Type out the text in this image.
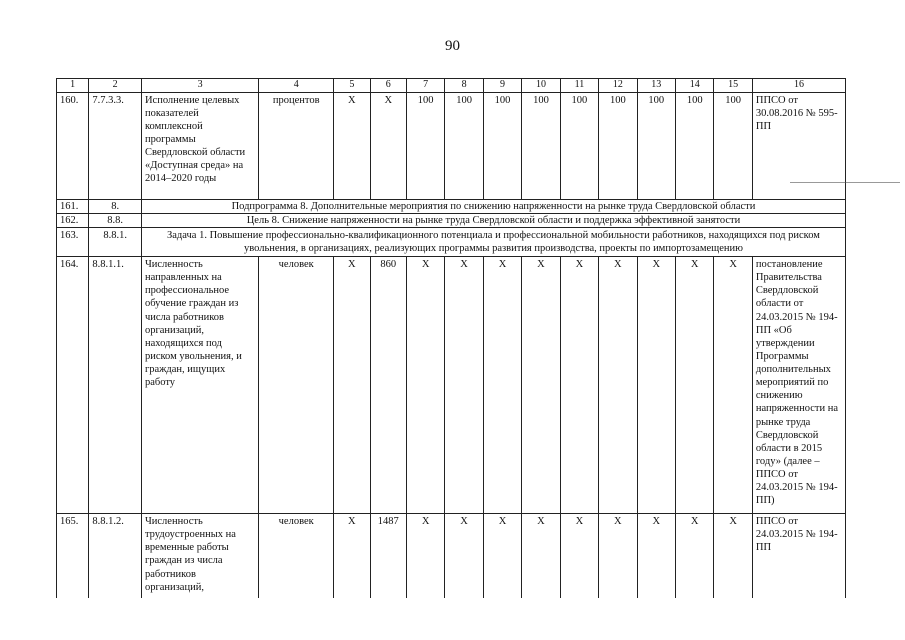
90
1	2	3	4	5	6	7	8	9	10	11	12	13	14	15	16
160.	7.7.3.3.	Исполнение целевых показателей комплексной программы Свердловской области «Доступная среда» на 2014–2020 годы	процентов	Х	Х	100	100	100	100	100	100	100	100	100	ППСО от 30.08.2016 № 595-ПП
161.	8.	Подпрограмма 8. Дополнительные мероприятия по снижению напряженности на рынке труда Свердловской области													
162.	8.8.	Цель 8. Снижение напряженности на рынке труда Свердловской области и поддержка эффективной занятости													
163.	8.8.1.	Задача 1. Повышение профессионально-квалификационного потенциала и профессиональной мобильности работников, находящихся под риском увольнения, в организациях, реализующих программы развития производства, проекты по импортозамещению													
164.	8.8.1.1.	Численность направленных на профессиональное обучение граждан из числа работников организаций, находящихся под риском увольнения, и граждан, ищущих работу	человек	Х	860	Х	Х	Х	Х	Х	Х	Х	Х	Х	постановление Правительства Свердловской области от 24.03.2015 № 194-ПП «Об утверждении Программы дополнительных мероприятий по снижению напряженности на рынке труда Свердловской области в 2015 году» (далее – ППСО от 24.03.2015 № 194-ПП)
165.	8.8.1.2.	Численность трудоустроенных на временные работы граждан из числа работников организаций,	человек	Х	1487	Х	Х	Х	Х	Х	Х	Х	Х	Х	ППСО от 24.03.2015 № 194-ПП
